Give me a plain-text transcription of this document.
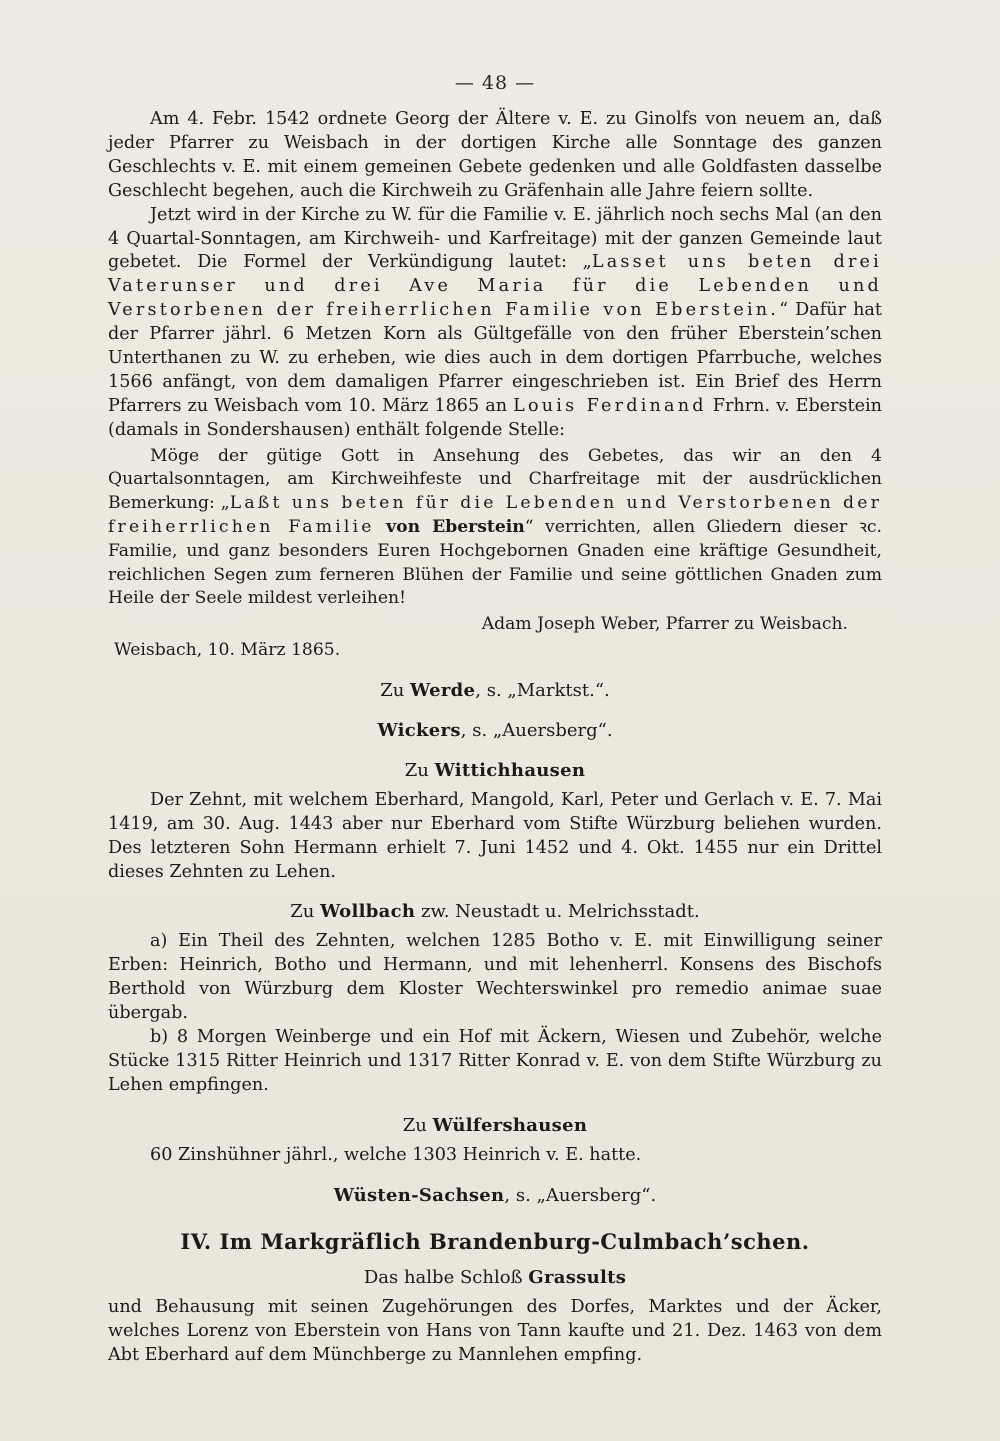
— 48 —

Am 4. Febr. 1542 ordnete Georg der Ältere v. E. zu Ginolfs von neuem an, daß jeder Pfarrer zu Weisbach in der dortigen Kirche alle Sonntage des ganzen Geschlechts v. E. mit einem gemeinen Gebete gedenken und alle Goldfasten dasselbe Geschlecht begehen, auch die Kirchweih zu Gräfenhain alle Jahre feiern sollte.

Jetzt wird in der Kirche zu W. für die Familie v. E. jährlich noch sechs Mal (an den 4 Quartal-Sonntagen, am Kirchweih- und Karfreitage) mit der ganzen Gemeinde laut gebetet. Die Formel der Verkündigung lautet: „Lasset uns beten drei Vaterunser und drei Ave Maria für die Lebenden und Verstorbenen der freiherrlichen Familie von Eberstein.“ Dafür hat der Pfarrer jährl. 6 Metzen Korn als Gültgefälle von den früher Eberstein’schen Unterthanen zu W. zu erheben, wie dies auch in dem dortigen Pfarrbuche, welches 1566 anfängt, von dem damaligen Pfarrer eingeschrieben ist. Ein Brief des Herrn Pfarrers zu Weisbach vom 10. März 1865 an Louis Ferdinand Frhrn. v. Eberstein (damals in Sondershausen) enthält folgende Stelle:

Möge der gütige Gott in Ansehung des Gebetes, das wir an den 4 Quartalsonntagen, am Kirchweihfeste und Charfreitage mit der ausdrücklichen Bemerkung: „Laßt uns beten für die Lebenden und Verstorbenen der freiherrlichen Familie von Eberstein“ verrichten, allen Gliedern dieser ꝛc. Familie, und ganz besonders Euren Hochgebornen Gnaden eine kräftige Gesundheit, reichlichen Segen zum ferneren Blühen der Familie und seine göttlichen Gnaden zum Heile der Seele mildest verleihen!

Adam Joseph Weber, Pfarrer zu Weisbach.

Weisbach, 10. März 1865.

Zu Werde, s. „Marktst.“.
Wickers, s. „Auersberg“.
Zu Wittichhausen

Der Zehnt, mit welchem Eberhard, Mangold, Karl, Peter und Gerlach v. E. 7. Mai 1419, am 30. Aug. 1443 aber nur Eberhard vom Stifte Würzburg beliehen wurden. Des letzteren Sohn Hermann erhielt 7. Juni 1452 und 4. Okt. 1455 nur ein Drittel dieses Zehnten zu Lehen.

Zu Wollbach zw. Neustadt u. Melrichsstadt.

a) Ein Theil des Zehnten, welchen 1285 Botho v. E. mit Einwilligung seiner Erben: Heinrich, Botho und Hermann, und mit lehenherrl. Konsens des Bischofs Berthold von Würzburg dem Kloster Wechterswinkel pro remedio animae suae übergab.

b) 8 Morgen Weinberge und ein Hof mit Äckern, Wiesen und Zubehör, welche Stücke 1315 Ritter Heinrich und 1317 Ritter Konrad v. E. von dem Stifte Würzburg zu Lehen empfingen.

Zu Wülfershausen

60 Zinshühner jährl., welche 1303 Heinrich v. E. hatte.

Wüsten-Sachsen, s. „Auersberg“.
IV. Im Markgräflich Brandenburg-Culmbach’schen.
Das halbe Schloß Grassults

und Behausung mit seinen Zugehörungen des Dorfes, Marktes und der Äcker, welches Lorenz von Eberstein von Hans von Tann kaufte und 21. Dez. 1463 von dem Abt Eberhard auf dem Münchberge zu Mannlehen empfing.
